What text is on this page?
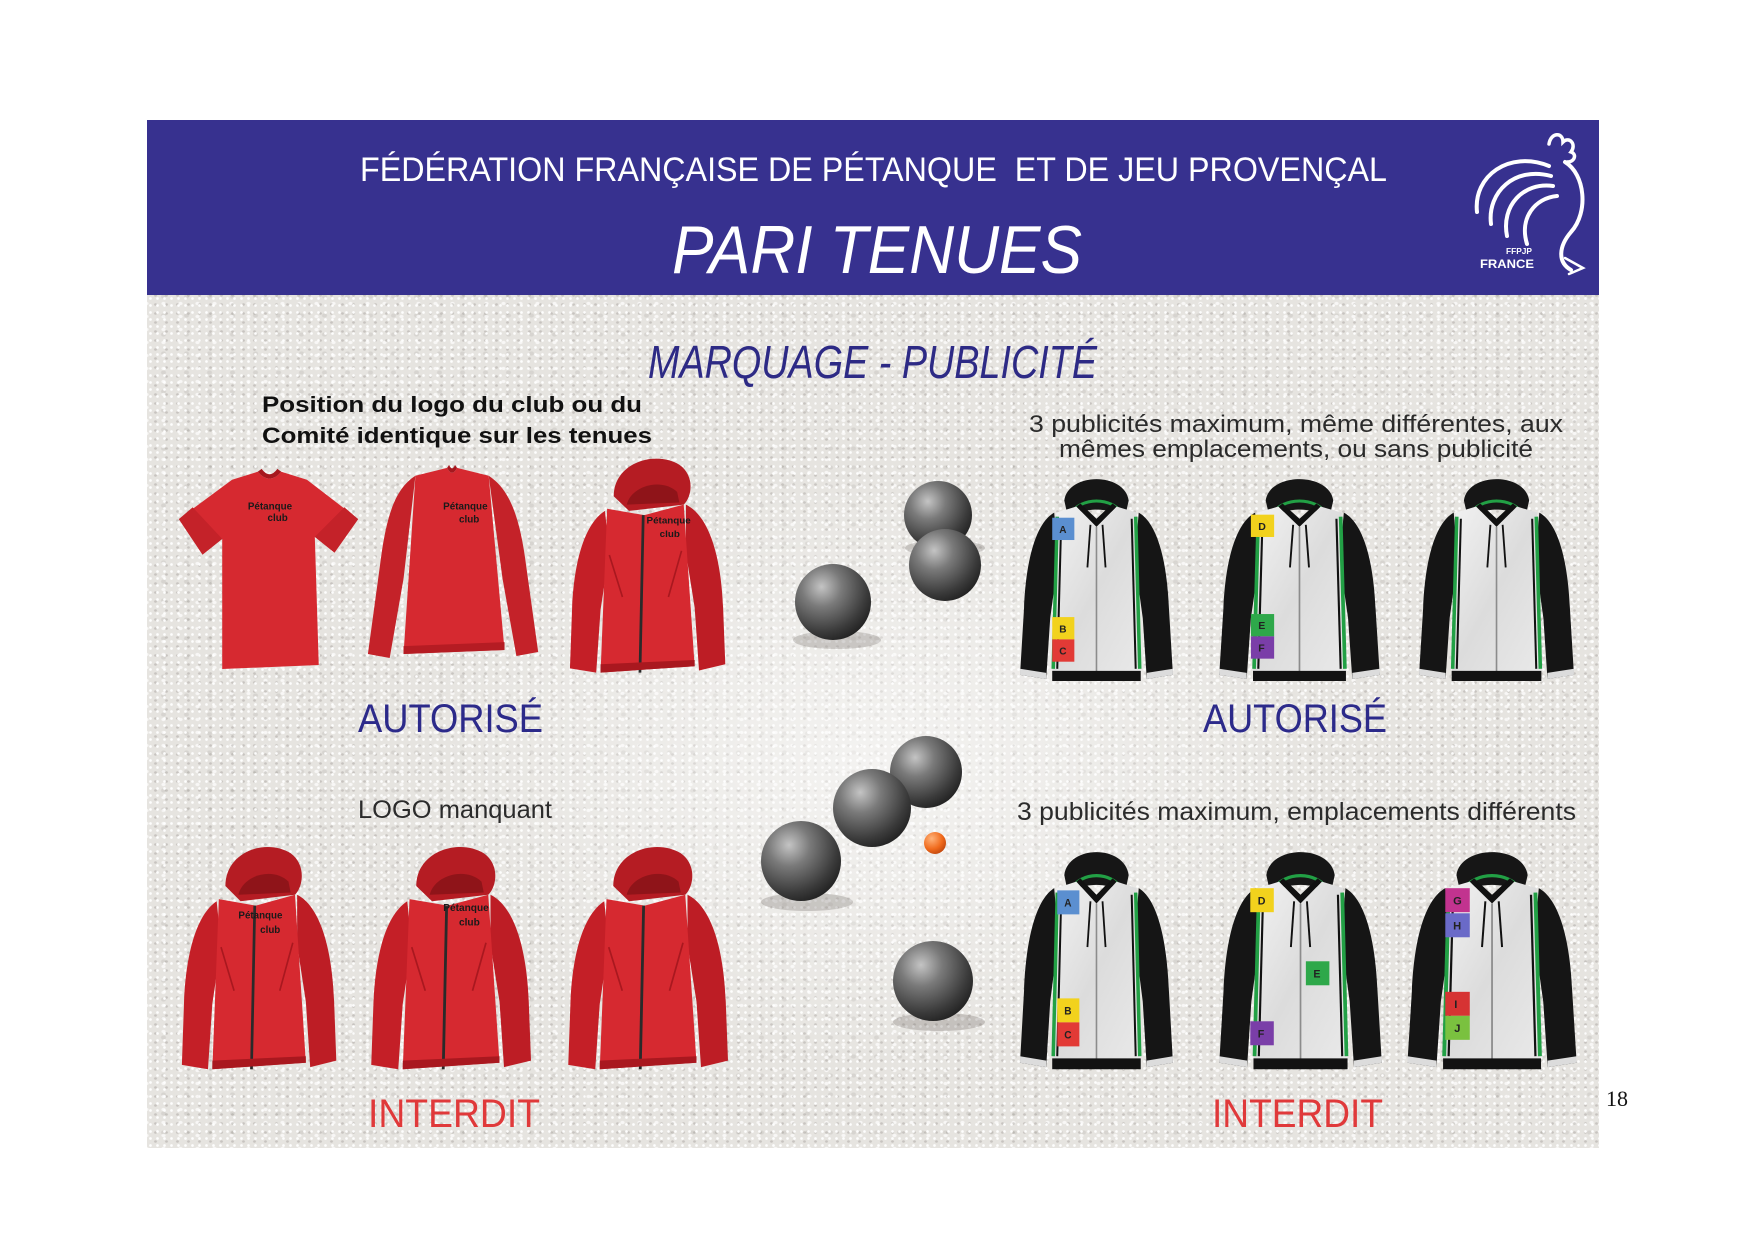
FÉDÉRATION FRANÇAISE DE PÉTANQUE  ET DE JEU PROVENÇAL
PARI TENUES	FFPJP
FRANCE
MARQUAGE - PUBLICITÉ
Position du logo du club ou du
Comité identique sur les tenues	3 publicités maximum, même différentes, aux
mêmes emplacements, ou sans publicité
LOGO manquant	3 publicités maximum, emplacements différents
AUTORISÉ	AUTORISÉ
INTERDIT	INTERDIT
Pétanque
club
Pétanque
club	Pétanque
club	A
B
C
D
E
F
Pétanque
club
Pétanque
club
A
B
C
D
E
F
G
H
I
J
18
